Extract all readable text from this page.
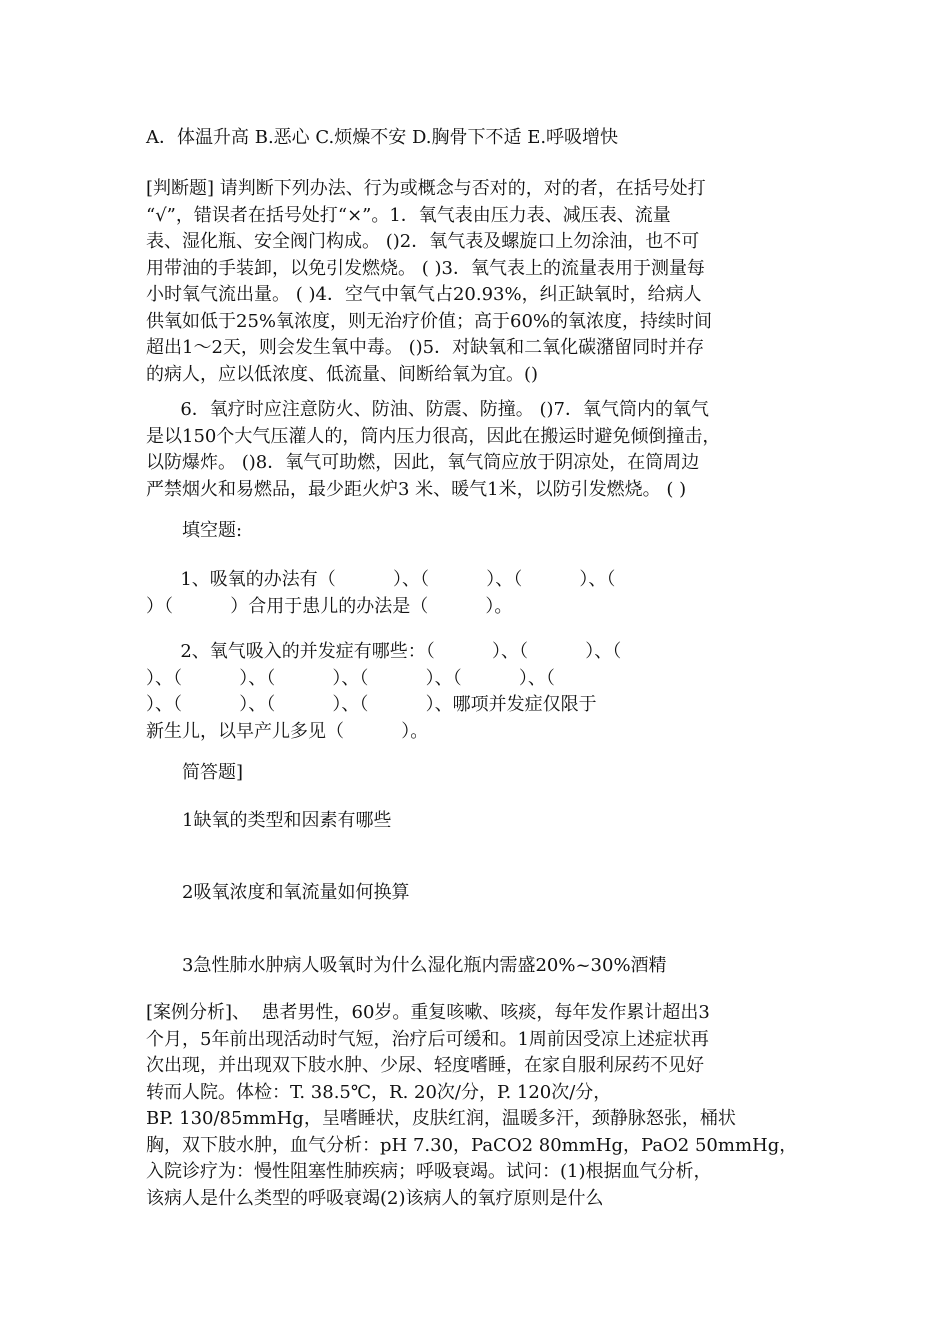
A．体温升高 B.恶心 C.烦燥不安 D.胸骨下不适 E.呼吸增快

[判断题] 请判断下列办法、行为或概念与否对的，对的者，在括号处打
“√”，错误者在括号处打“×”。1．氧气表由压力表、减压表、流量
表、湿化瓶、安全阀门构成。 ()2．氧气表及螺旋口上勿涂油，也不可
用带油的手装卸，以免引发燃烧。 ( )3．氧气表上的流量表用于测量每
小时氧气流出量。 ( )4．空气中氧气占20.93%，纠正缺氧时，给病人
供氧如低于25%氧浓度，则无治疗价值；高于60%的氧浓度，持续时间
超出1～2天，则会发生氧中毒。 ()5．对缺氧和二氧化碳潴留同时并存
的病人，应以低浓度、低流量、间断给氧为宜。()

6．氧疗时应注意防火、防油、防震、防撞。 ()7．氧气筒内的氧气
是以150个大气压灌人的，筒内压力很高，因此在搬运时避免倾倒撞击，
以防爆炸。 ()8．氧气可助燃，因此，氧气筒应放于阴凉处，在筒周边
严禁烟火和易燃品，最少距火炉3 米、暖气1米，以防引发燃烧。 ( )

填空题:

1、吸氧的办法有（          ）、（          ）、（          ）、（
）（          ）合用于患儿的办法是（          ）。

2、氧气吸入的并发症有哪些：（          ）、（          ）、（
）、（          ）、（          ）、（          ）、（          ）、（
）、（          ）、（          ）、（          ）、哪项并发症仅限于
新生儿，以早产儿多见（          ）。

简答题]

1缺氧的类型和因素有哪些

2吸氧浓度和氧流量如何换算

3急性肺水肿病人吸氧时为什么湿化瓶内需盛20%~30%酒精

[案例分析]、  患者男性，60岁。重复咳嗽、咳痰，每年发作累计超出3
个月，5年前出现活动时气短，治疗后可缓和。1周前因受凉上述症状再
次出现，并出现双下肢水肿、少尿、轻度嗜睡，在家自服利尿药不见好
转而人院。体检：T. 38.5℃，R. 20次/分，P. 120次/分，
BP. 130/85mmHg，呈嗜睡状，皮肤红润，温暖多汗，颈静脉怒张，桶状
胸，双下肢水肿，血气分析：pH 7.30，PaCO2 80mmHg，PaO2 50mmHg，
入院诊疗为：慢性阻塞性肺疾病；呼吸衰竭。试问：(1)根据血气分析，
该病人是什么类型的呼吸衰竭(2)该病人的氧疗原则是什么
